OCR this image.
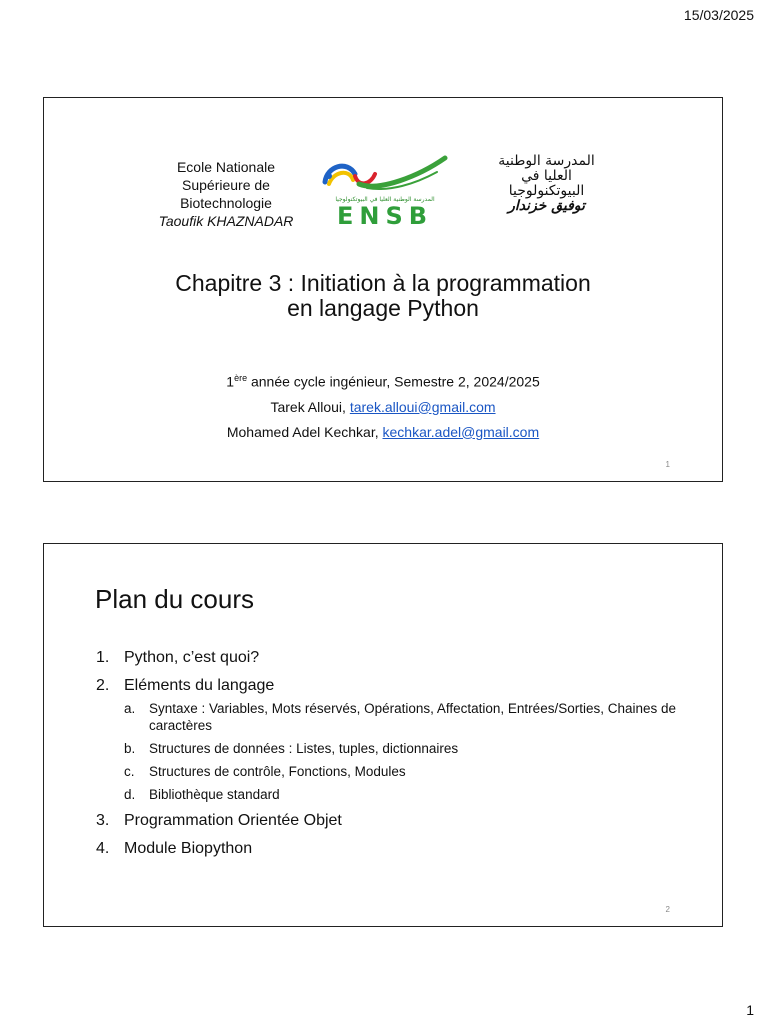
15/03/2025
Ecole Nationale
Supérieure de
Biotechnologie
Taoufik KHAZNADAR
المدرسة الوطنية العليا في البيوتكنولوجيا
ENSB
المدرسة الوطنية
العليا في
البيوتكنولوجيا
توفيق خزندار
Chapitre 3 : Initiation à la programmation
en langage Python
1ère année cycle ingénieur, Semestre 2, 2024/2025
Tarek Alloui, tarek.alloui@gmail.com
Mohamed Adel Kechkar, kechkar.adel@gmail.com
1
Plan du cours
1. Python, c’est quoi?
2. Eléments du langage
a. Syntaxe : Variables, Mots réservés, Opérations, Affectation, Entrées/Sorties, Chaines de caractères
b. Structures de données : Listes, tuples, dictionnaires
c. Structures de contrôle, Fonctions, Modules
d. Bibliothèque standard
3. Programmation Orientée Objet
4. Module Biopython
2
1
